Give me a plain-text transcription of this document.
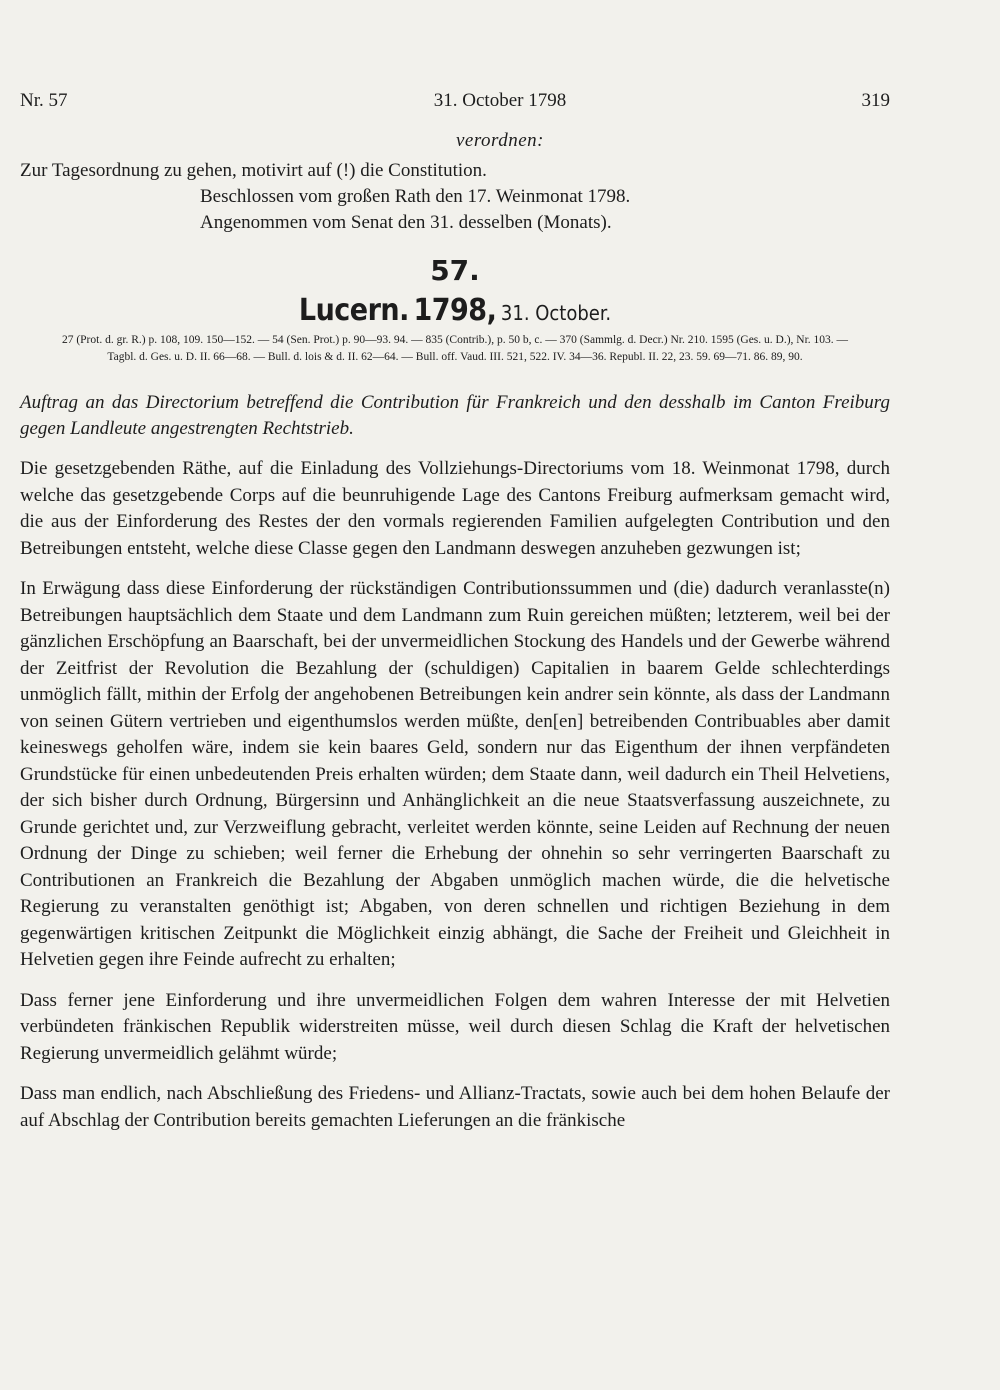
Nr. 57	31. October 1798	319
verordnen:

Zur Tagesordnung zu gehen, motivirt auf (!) die Constitution.

Beschlossen vom großen Rath den 17. Weinmonat 1798.

Angenommen vom Senat den 31. desselben (Monats).

57.
Lucern. 1798, 31. October.
27 (Prot. d. gr. R.) p. 108, 109. 150—152. — 54 (Sen. Prot.) p. 90—93. 94. — 835 (Contrib.), p. 50 b, c. — 370 (Sammlg. d. Decr.) Nr. 210. 1595 (Ges. u. D.), Nr. 103. — Tagbl. d. Ges. u. D. II. 66—68. — Bull. d. lois & d. II. 62—64. — Bull. off. Vaud. III. 521, 522. IV. 34—36. Republ. II. 22, 23. 59. 69—71. 86. 89, 90.
Auftrag an das Directorium betreffend die Contribution für Frankreich und den desshalb im Canton Freiburg gegen Landleute angestrengten Rechtstrieb.

Die gesetzgebenden Räthe, auf die Einladung des Vollziehungs-Directoriums vom 18. Weinmonat 1798, durch welche das gesetzgebende Corps auf die beunruhigende Lage des Cantons Freiburg aufmerksam gemacht wird, die aus der Einforderung des Restes der den vormals regierenden Familien aufgelegten Contribution und den Betreibungen entsteht, welche diese Classe gegen den Landmann deswegen anzuheben gezwungen ist;

In Erwägung dass diese Einforderung der rückständigen Contributionssummen und (die) dadurch veranlasste(n) Betreibungen hauptsächlich dem Staate und dem Landmann zum Ruin gereichen müßten; letzterem, weil bei der gänzlichen Erschöpfung an Baarschaft, bei der unvermeidlichen Stockung des Handels und der Gewerbe während der Zeitfrist der Revolution die Bezahlung der (schuldigen) Capitalien in baarem Gelde schlechterdings unmöglich fällt, mithin der Erfolg der angehobenen Betreibungen kein andrer sein könnte, als dass der Landmann von seinen Gütern vertrieben und eigenthumslos werden müßte, den[en] betreibenden Contribuables aber damit keineswegs geholfen wäre, indem sie kein baares Geld, sondern nur das Eigenthum der ihnen verpfändeten Grundstücke für einen unbedeutenden Preis erhalten würden; dem Staate dann, weil dadurch ein Theil Helvetiens, der sich bisher durch Ordnung, Bürgersinn und Anhänglichkeit an die neue Staatsverfassung auszeichnete, zu Grunde gerichtet und, zur Verzweiflung gebracht, verleitet werden könnte, seine Leiden auf Rechnung der neuen Ordnung der Dinge zu schieben; weil ferner die Erhebung der ohnehin so sehr verringerten Baarschaft zu Contributionen an Frankreich die Bezahlung der Abgaben unmöglich machen würde, die die helvetische Regierung zu veranstalten genöthigt ist; Abgaben, von deren schnellen und richtigen Beziehung in dem gegenwärtigen kritischen Zeitpunkt die Möglichkeit einzig abhängt, die Sache der Freiheit und Gleichheit in Helvetien gegen ihre Feinde aufrecht zu erhalten;

Dass ferner jene Einforderung und ihre unvermeidlichen Folgen dem wahren Interesse der mit Helvetien verbündeten fränkischen Republik widerstreiten müsse, weil durch diesen Schlag die Kraft der helvetischen Regierung unvermeidlich gelähmt würde;

Dass man endlich, nach Abschließung des Friedens- und Allianz-Tractats, sowie auch bei dem hohen Belaufe der auf Abschlag der Contribution bereits gemachten Lieferungen an die fränkische
